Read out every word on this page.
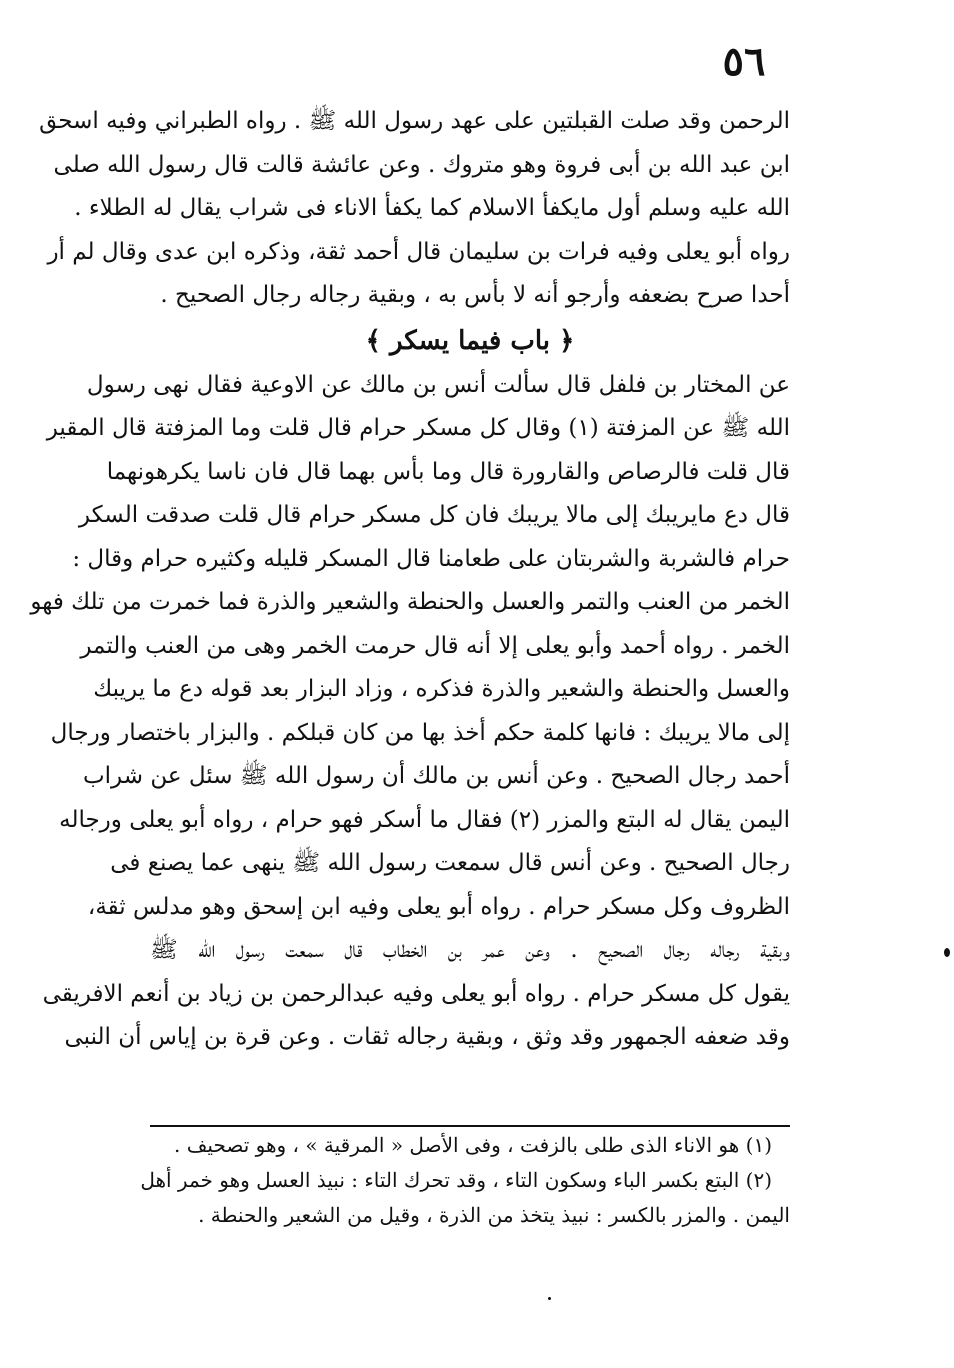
٥٦
الرحمن وقد صلت القبلتين على عهد رسول الله ﷺ . رواه الطبراني وفيه اسحق
ابن عبد الله بن أبى فروة وهو متروك . وعن عائشة قالت قال رسول الله صلى
الله عليه وسلم أول مايكفأ الاسلام كما يكفأ الاناء فى شراب يقال له الطلاء .
رواه أبو يعلى وفيه فرات بن سليمان قال أحمد ثقة، وذكره ابن عدى وقال لم أر
أحدا صرح بضعفه وأرجو أنه لا بأس به ، وبقية رجاله رجال الصحيح .
﴿ باب فيما يسكر ﴾
عن المختار بن فلفل قال سألت أنس بن مالك عن الاوعية فقال نهى رسول
الله ﷺ عن المزفتة (١) وقال كل مسكر حرام قال قلت وما المزفتة قال المقير
قال قلت فالرصاص والقارورة قال وما بأس بهما قال فان ناسا يكرهونهما
قال دع مايريبك إلى مالا يريبك فان كل مسكر حرام قال قلت صدقت السكر
حرام فالشربة والشربتان على طعامنا قال المسكر قليله وكثيره حرام وقال :
الخمر من العنب والتمر والعسل والحنطة والشعير والذرة فما خمرت من تلك فهو
الخمر . رواه أحمد وأبو يعلى إلا أنه قال حرمت الخمر وهى من العنب والتمر
والعسل والحنطة والشعير والذرة فذكره ، وزاد البزار بعد قوله دع ما يريبك
إلى مالا يريبك : فانها كلمة حكم أخذ بها من كان قبلكم . والبزار باختصار ورجال
أحمد رجال الصحيح . وعن أنس بن مالك أن رسول الله ﷺ سئل عن شراب
اليمن يقال له البتع والمزر (٢) فقال ما أسكر فهو حرام ، رواه أبو يعلى ورجاله
رجال الصحيح . وعن أنس قال سمعت رسول الله ﷺ ينهى عما يصنع فى
الظروف وكل مسكر حرام . رواه أبو يعلى وفيه ابن إسحق وهو مدلس ثقة،
وبقية رجاله رجال الصحيح . وعن عمر بن الخطاب قال سمعت رسول الله ﷺ
يقول كل مسكر حرام . رواه أبو يعلى وفيه عبدالرحمن بن زياد بن أنعم الافريقى
وقد ضعفه الجمهور وقد وثق ، وبقية رجاله ثقات . وعن قرة بن إياس أن النبى
(١) هو الاناء الذى طلى بالزفت ، وفى الأصل « المرقية » ، وهو تصحيف .
(٢) البتع بكسر الباء وسكون التاء ، وقد تحرك التاء : نبيذ العسل وهو خمر أهل
اليمن . والمزر بالكسر : نبيذ يتخذ من الذرة ، وقيل من الشعير والحنطة .
